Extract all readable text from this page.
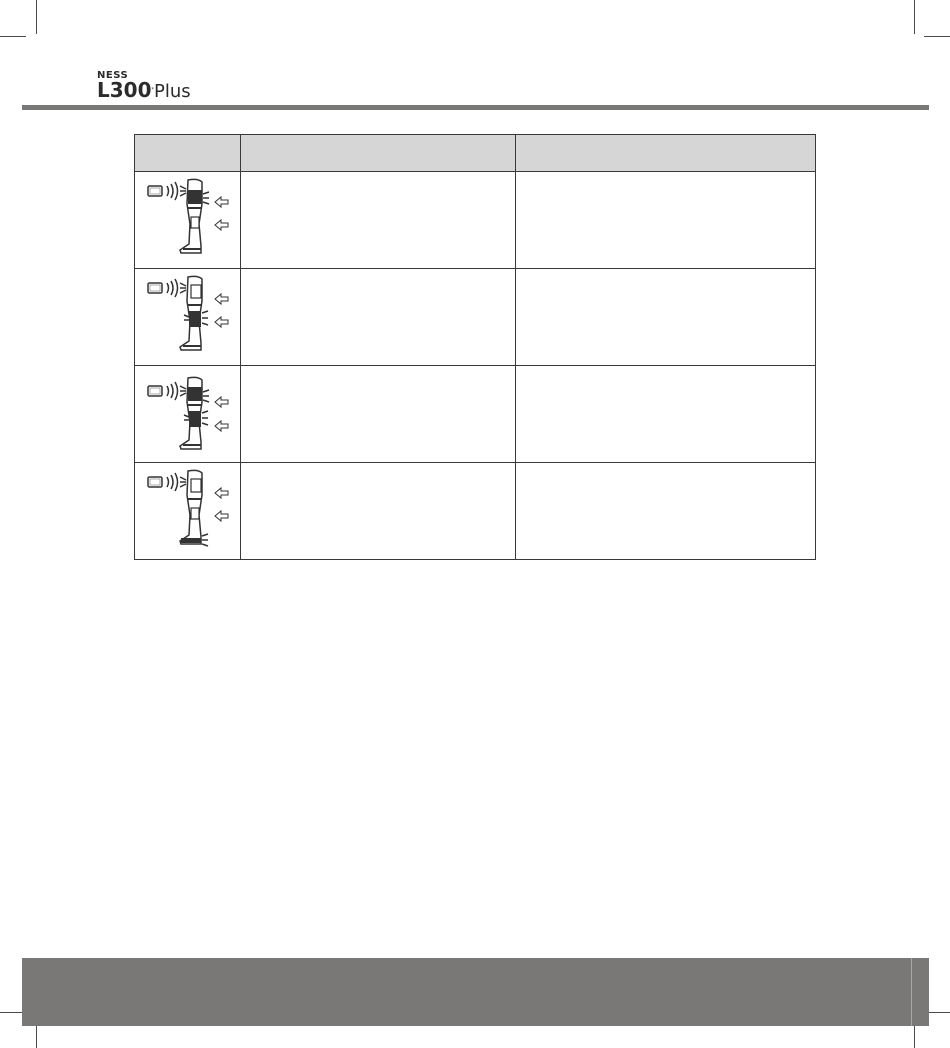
NESS
L300 * Plus
